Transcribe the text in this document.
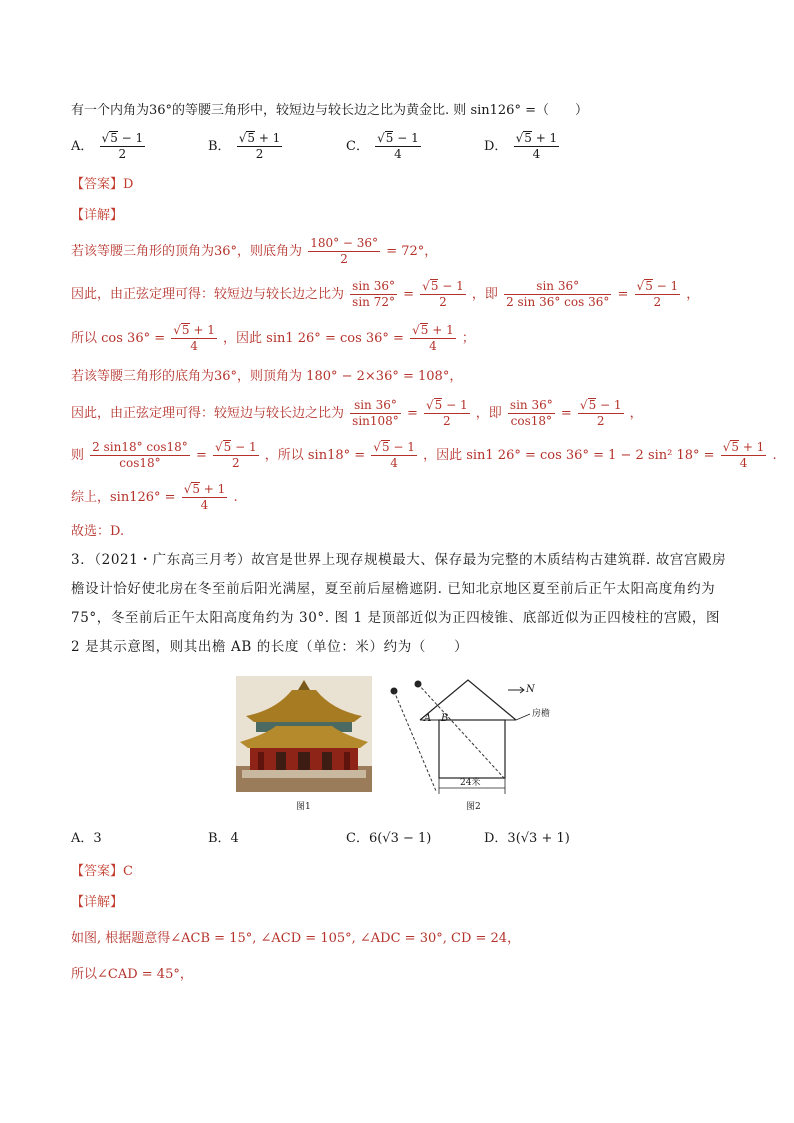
有一个内角为36°的等腰三角形中，较短边与较长边之比为黄金比. 则 sin126° =（　　）
A． $\frac{√5 - 1}{2}$	B． $\frac{√5 + 1}{2}$	C． $\frac{√5 - 1}{4}$	D． $\frac{√5 + 1}{4}$
【答案】D
【详解】
若该等腰三角形的顶角为36°，则底角为 $\frac{180^\circ - 36^\circ}{2} = 72^\circ$，
因此，由正弦定理可得：较短边与较长边之比为 $\frac{\sin 36^\circ}{\sin 72^\circ} = \frac{√5 - 1}{2}$ ，即 $\frac{\sin 36^\circ}{2 \sin 36^\circ \cos 36^\circ} = \frac{√5 - 1}{2}$ ，
所以 $\cos 36^\circ = \frac{√5 + 1}{4}$ ，因此 sin1 $26^\circ = \cos 36^\circ = \frac{√5 + 1}{4}$ ；
若该等腰三角形的底角为36°，则顶角为 180° − 2×36° = 108°，
因此，由正弦定理可得：较短边与较长边之比为 $\frac{\sin 36^\circ}{\sin 108^\circ} = \frac{√5 - 1}{2}$ ，即 $\frac{\sin 36^\circ}{\cos 18^\circ} = \frac{√5 - 1}{2}$ ，
则 $\frac{2 \sin 18^\circ \cos 18^\circ}{\cos 18^\circ} = \frac{√5 - 1}{2}$ ，所以 $\sin 18^\circ = \frac{√5 - 1}{4}$ ，因此 sin1 26° = cos 36° = 1 − 2 sin² $18^\circ = \frac{√5 + 1}{4}$ .
综上，$\sin 126^\circ = \frac{√5 + 1}{4}$ .
故选：D.
3．（2021・广东高三月考）故宫是世界上现存规模最大、保存最为完整的木质结构古建筑群. 故宫宫殿房檐设计恰好使北房在冬至前后阳光满屋，夏至前后屋檐遮阴. 已知北京地区夏至前后正午太阳高度角约为 75°，冬至前后正午太阳高度角约为 30°. 图 1 是顶部近似为正四棱锥、底部近似为正四棱柱的宫殿，图 2 是其示意图，则其出檐 AB 的长度（单位：米）约为（　　）
图1
A B
N
房檐
24米
图2
A．3	B．4	C．6(√3 − 1)	D．3(√3 + 1)
【答案】C
【详解】
如图, 根据题意得∠ACB = 15°, ∠ACD = 105°, ∠ADC = 30°, CD = 24，
所以∠CAD = 45°，
